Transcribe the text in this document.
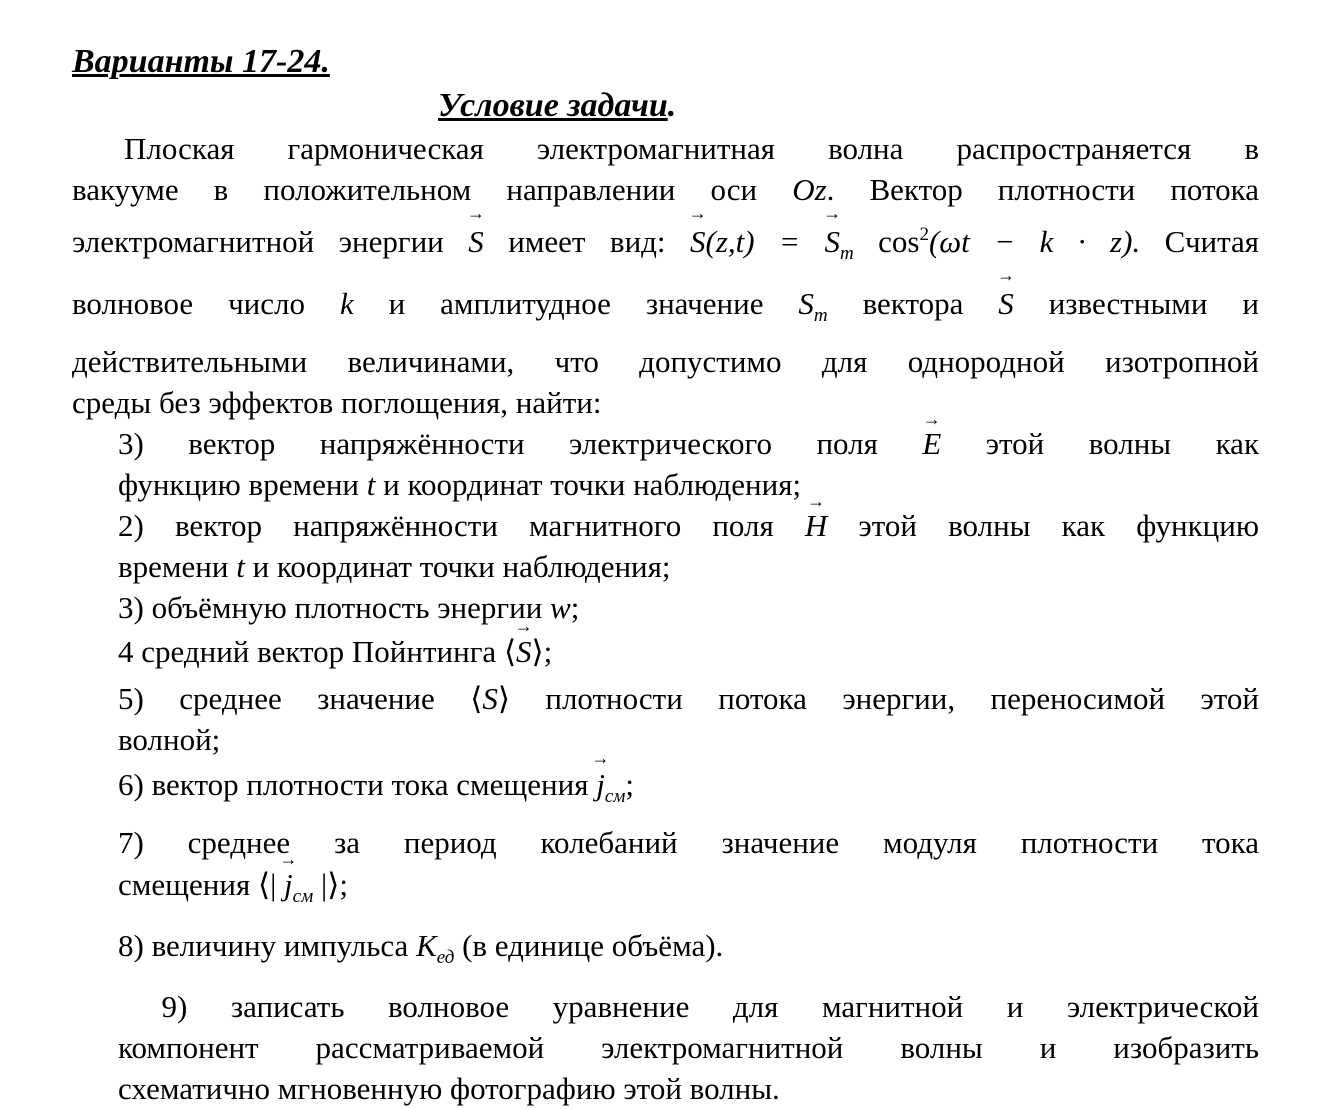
Варианты 17-24.
Условие задачи.

Плоская гармоническая электромагнитная волна распространяется в

вакууме в положительном направлении оси Oz. Вектор плотности потока

электромагнитной энергии → S имеет вид: → S(z,t) = → $S_m$ $\cos^2(\omega t - k \cdot z)$. Считая

волновое число k и амплитудное значение $S_m$ вектора → S известными и

действительными величинами, что допустимо для однородной изотропной

среды без эффектов поглощения, найти:

3) вектор напряжённости электрического поля → E этой волны как

функцию времени t и координат точки наблюдения;

2) вектор напряжённости магнитного поля → H этой волны как функцию

времени t и координат точки наблюдения;

3) объёмную плотность энергии w;

4 средний вектор Пойнтинга ⟨→ S⟩;

5) среднее значение ⟨S⟩ плотности потока энергии, переносимой этой

волной;

6) вектор плотности тока смещения → $j_{см}$;

7) среднее за период колебаний значение модуля плотности тока

смещения ⟨| → $j_{см}$ |⟩;

8) величину импульса $K_{ед}$ (в единице объёма).

9) записать волновое уравнение для магнитной и электрической

компонент рассматриваемой электромагнитной волны и изобразить

схематично мгновенную фотографию этой волны.
